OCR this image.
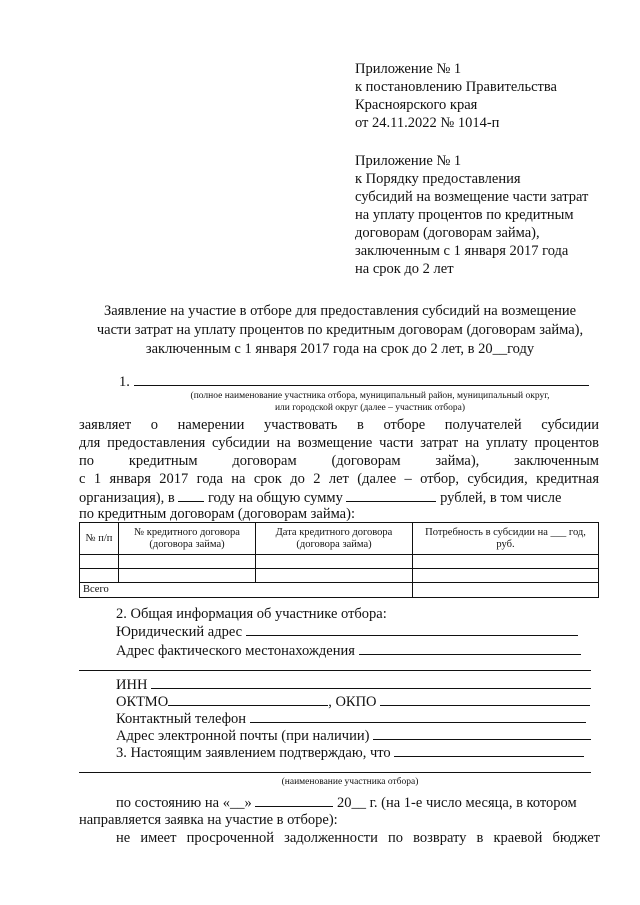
Приложение № 1
к постановлению Правительства
Красноярского края
от 24.11.2022 № 1014-п
Приложение № 1
к Порядку предоставления
субсидий на возмещение части затрат
на уплату процентов по кредитным
договорам (договорам займа),
заключенным с 1 января 2017 года
на срок до 2 лет
Заявление на участие в отборе для предоставления субсидий на возмещение
части затрат на уплату процентов по кредитным договорам (договорам займа),
заключенным с 1 января 2017 года на срок до 2 лет, в 20__году
1.
(полное наименование участника отбора, муниципальный район, муниципальный округ,
или городской округ (далее – участник отбора)
заявляет о намерении участвовать в отборе получателей субсидии
для предоставления субсидии на возмещение части затрат на уплату процентов
по кредитным договорам (договорам займа), заключенным
с 1 января 2017 года на срок до 2 лет (далее – отбор, субсидия, кредитная
организация), в году на общую сумму	рублей, в том числе
по кредитным договорам (договорам займа):
№ п/п	№ кредитного договора (договора займа)	Дата кредитного договора (договора займа)	Потребность в субсидии на ___ год, руб.

Всего			
2. Общая информация об участнике отбора:
Юридический адрес
Адрес фактического местонахождения
ИНН
ОКТМО	, ОКПО
Контактный телефон
Адрес электронной почты (при наличии)
3. Настоящим заявлением подтверждаю, что
(наименование участника отбора)
по состоянию на «__»	20__ г. (на 1-е число месяца, в котором
направляется заявка на участие в отборе):
не имеет просроченной задолженности по возврату в краевой бюджет
